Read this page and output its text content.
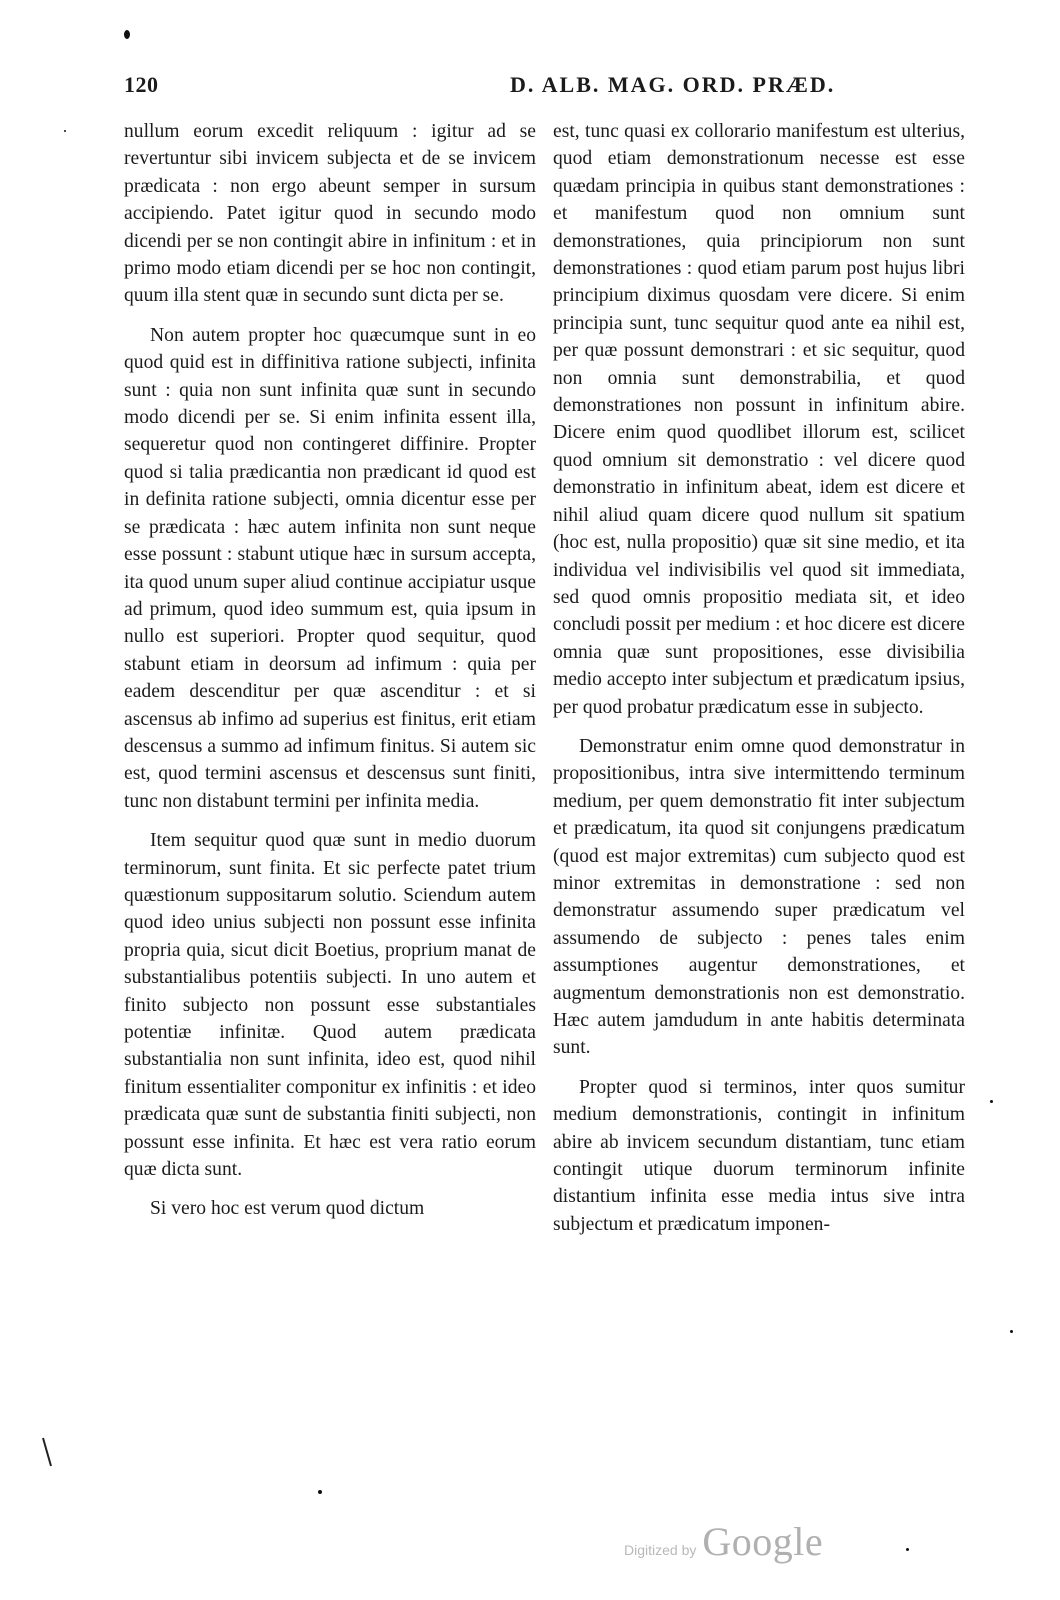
120	D. ALB. MAG. ORD. PRÆD.

nullum eorum excedit reliquum : igitur ad se revertuntur sibi invicem subjecta et de se invicem prædicata : non ergo abeunt semper in sursum accipiendo. Patet igitur quod in secundo modo dicendi per se non contingit abire in infinitum : et in primo modo etiam dicendi per se hoc non contingit, quum illa stent quæ in secundo sunt dicta per se.

Non autem propter hoc quæcumque sunt in eo quod quid est in diffinitiva ratione subjecti, infinita sunt : quia non sunt infinita quæ sunt in secundo modo dicendi per se. Si enim infinita essent illa, sequeretur quod non contingeret diffinire. Propter quod si talia prædicantia non prædicant id quod est in definita ratione subjecti, omnia dicentur esse per se prædicata : hæc autem infinita non sunt neque esse possunt : stabunt utique hæc in sursum accepta, ita quod unum super aliud continue accipiatur usque ad primum, quod ideo summum est, quia ipsum in nullo est superiori. Propter quod sequitur, quod stabunt etiam in deorsum ad infimum : quia per eadem descenditur per quæ ascenditur : et si ascensus ab infimo ad superius est finitus, erit etiam descensus a summo ad infimum finitus. Si autem sic est, quod termini ascensus et descensus sunt finiti, tunc non distabunt termini per infinita media.

Item sequitur quod quæ sunt in medio duorum terminorum, sunt finita. Et sic perfecte patet trium quæstionum suppositarum solutio. Sciendum autem quod ideo unius subjecti non possunt esse infinita propria quia, sicut dicit Boetius, proprium manat de substantialibus potentiis subjecti. In uno autem et finito subjecto non possunt esse substantiales potentiæ infinitæ. Quod autem prædicata substantialia non sunt infinita, ideo est, quod nihil finitum essentialiter componitur ex infinitis : et ideo prædicata quæ sunt de substantia finiti subjecti, non possunt esse infinita. Et hæc est vera ratio eorum quæ dicta sunt.

Si vero hoc est verum quod dictum

est, tunc quasi ex collorario manifestum est ulterius, quod etiam demonstrationum necesse est esse quædam principia in quibus stant demonstrationes : et manifestum quod non omnium sunt demonstrationes, quia principiorum non sunt demonstrationes : quod etiam parum post hujus libri principium diximus quosdam vere dicere. Si enim principia sunt, tunc sequitur quod ante ea nihil est, per quæ possunt demonstrari : et sic sequitur, quod non omnia sunt demonstrabilia, et quod demonstrationes non possunt in infinitum abire. Dicere enim quod quodlibet illorum est, scilicet quod omnium sit demonstratio : vel dicere quod demonstratio in infinitum abeat, idem est dicere et nihil aliud quam dicere quod nullum sit spatium (hoc est, nulla propositio) quæ sit sine medio, et ita individua vel indivisibilis vel quod sit immediata, sed quod omnis propositio mediata sit, et ideo concludi possit per medium : et hoc dicere est dicere omnia quæ sunt propositiones, esse divisibilia medio accepto inter subjectum et prædicatum ipsius, per quod probatur prædicatum esse in subjecto.

Demonstratur enim omne quod demonstratur in propositionibus, intra sive intermittendo terminum medium, per quem demonstratio fit inter subjectum et prædicatum, ita quod sit conjungens prædicatum (quod est major extremitas) cum subjecto quod est minor extremitas in demonstratione : sed non demonstratur assumendo super prædicatum vel assumendo de subjecto : penes tales enim assumptiones augentur demonstrationes, et augmentum demonstrationis non est demonstratio. Hæc autem jamdudum in ante habitis determinata sunt.

Propter quod si terminos, inter quos sumitur medium demonstrationis, contingit in infinitum abire ab invicem secundum distantiam, tunc etiam contingit utique duorum terminorum infinite distantium infinita esse media intus sive intra subjectum et prædicatum imponen-

Digitized by Google
